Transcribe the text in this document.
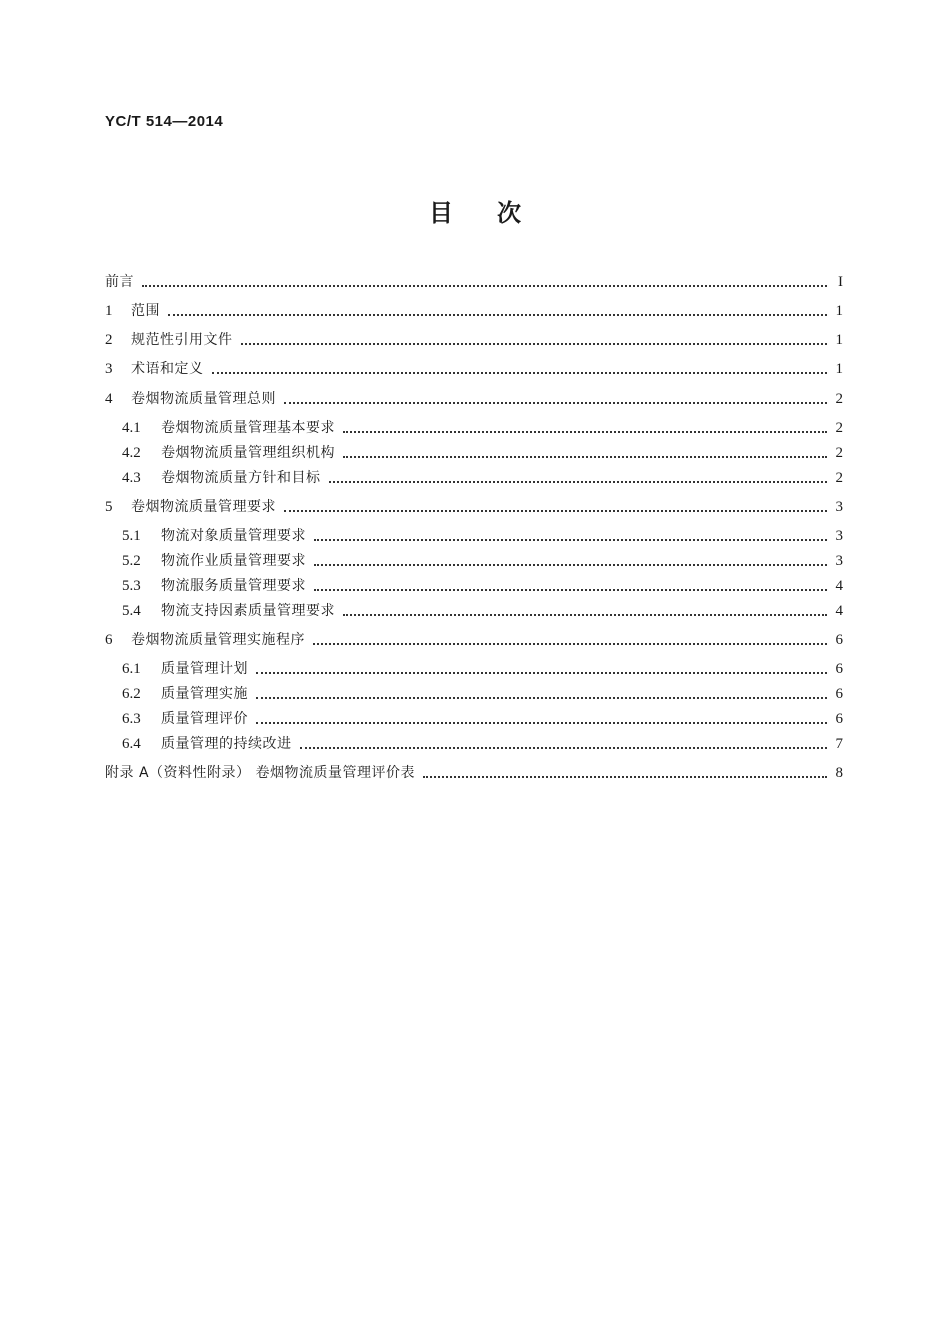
YC/T 514—2014
目次
前言	I
1	范围	1
2	规范性引用文件	1
3	术语和定义	1
4	卷烟物流质量管理总则	2
4.1	卷烟物流质量管理基本要求	2
4.2	卷烟物流质量管理组织机构	2
4.3	卷烟物流质量方针和目标	2
5	卷烟物流质量管理要求	3
5.1	物流对象质量管理要求	3
5.2	物流作业质量管理要求	3
5.3	物流服务质量管理要求	4
5.4	物流支持因素质量管理要求	4
6	卷烟物流质量管理实施程序	6
6.1	质量管理计划	6
6.2	质量管理实施	6
6.3	质量管理评价	6
6.4	质量管理的持续改进	7
附录 A（资料性附录） 卷烟物流质量管理评价表	8
